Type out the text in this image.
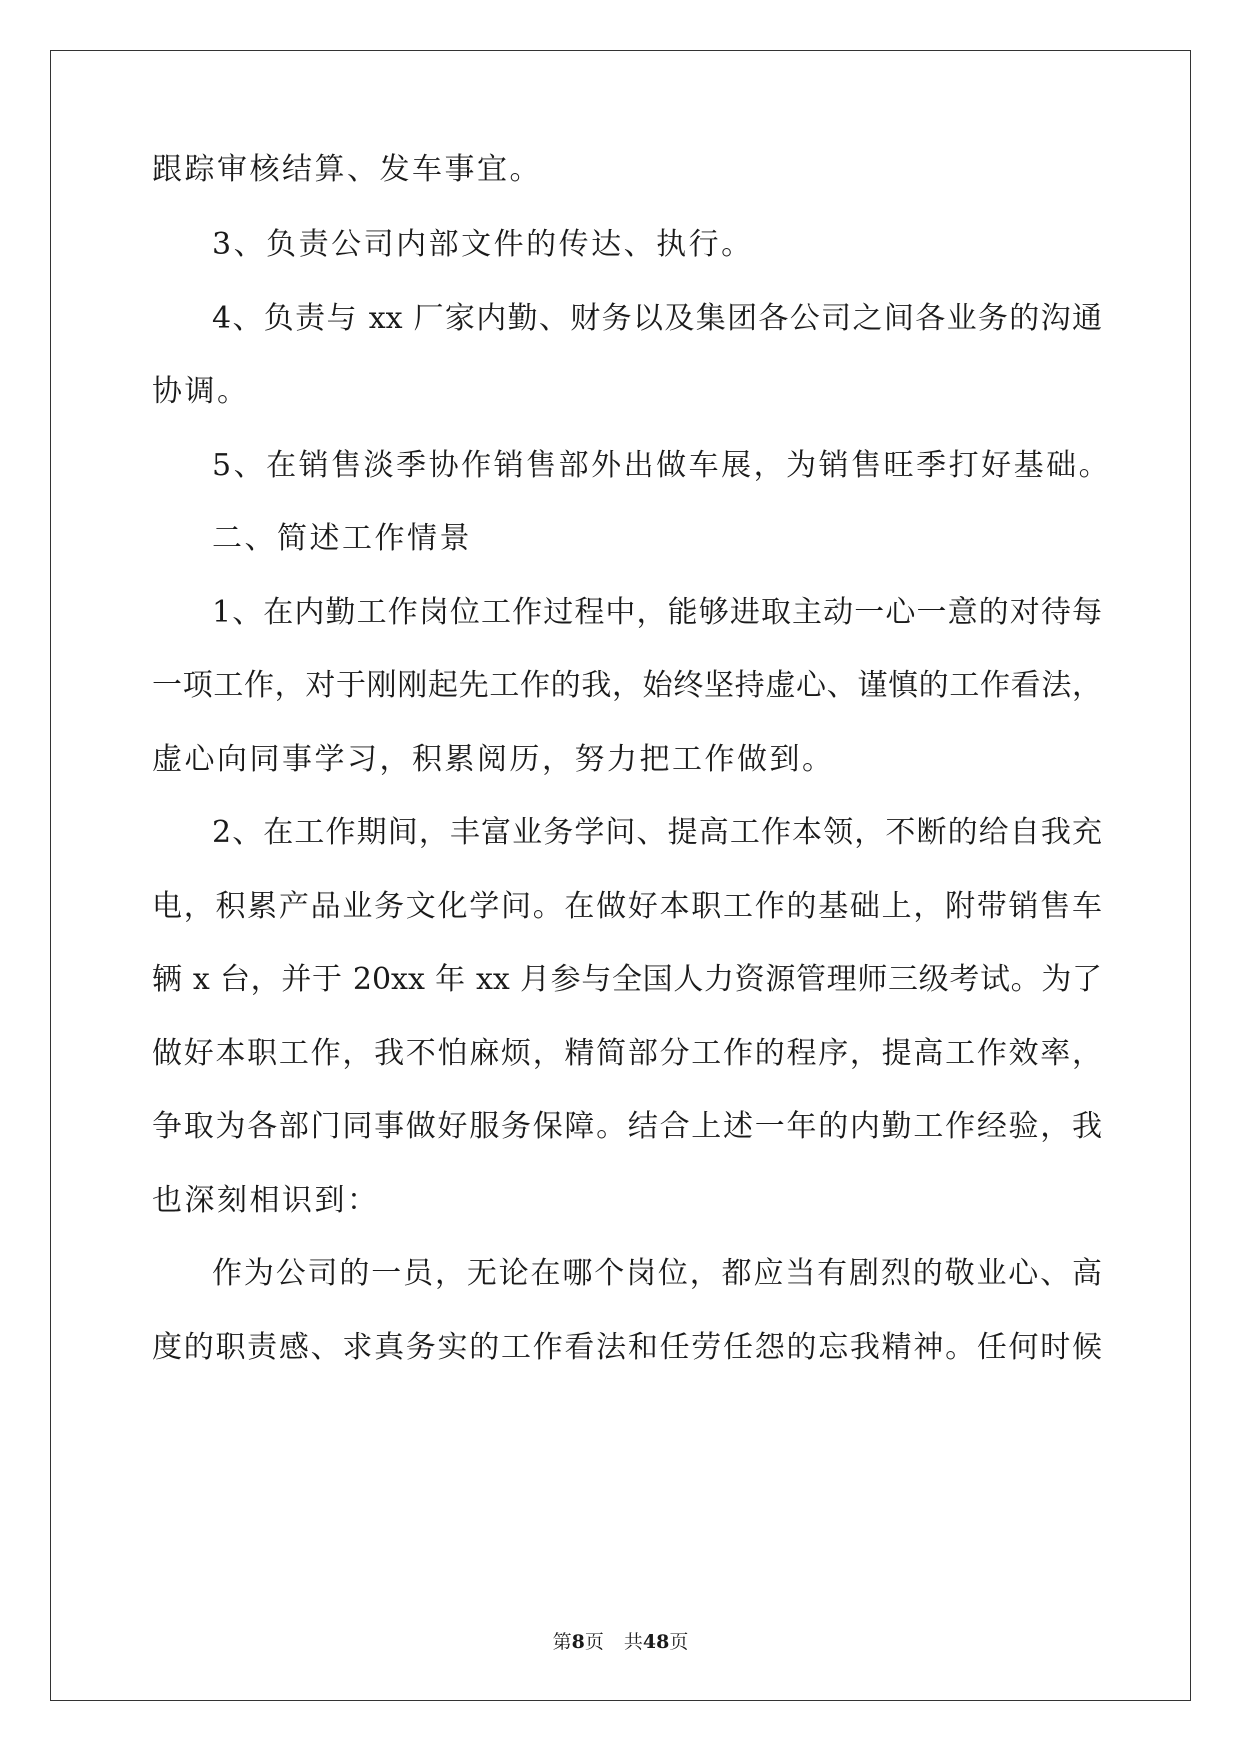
跟踪审核结算、发车事宜。

3、负责公司内部文件的传达、执行。

4、负责与 xx 厂家内勤、财务以及集团各公司之间各业务的沟通

协调。

5、在销售淡季协作销售部外出做车展，为销售旺季打好基础。

二、简述工作情景

1、在内勤工作岗位工作过程中，能够进取主动一心一意的对待每

一项工作，对于刚刚起先工作的我，始终坚持虚心、谨慎的工作看法，

虚心向同事学习，积累阅历，努力把工作做到。

2、在工作期间，丰富业务学问、提高工作本领，不断的给自我充

电，积累产品业务文化学问。在做好本职工作的基础上，附带销售车

辆 x 台，并于 20xx 年 xx 月参与全国人力资源管理师三级考试。为了

做好本职工作，我不怕麻烦，精简部分工作的程序，提高工作效率，

争取为各部门同事做好服务保障。结合上述一年的内勤工作经验，我

也深刻相识到：

作为公司的一员，无论在哪个岗位，都应当有剧烈的敬业心、高

度的职责感、求真务实的工作看法和任劳任怨的忘我精神。任何时候

第8页 共48页
